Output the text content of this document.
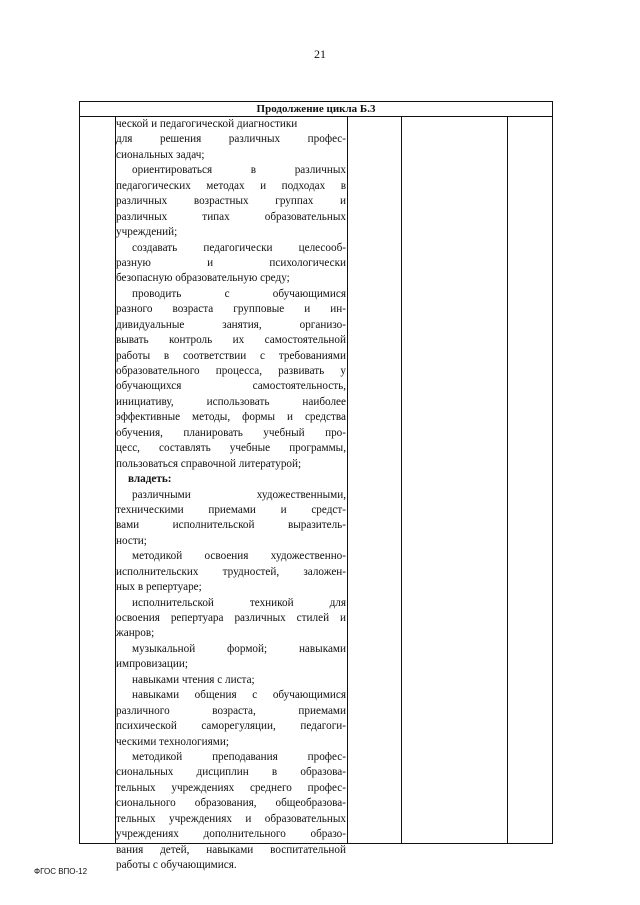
21
Продолжение цикла Б.3
ческой и педагогической диагностики
для решения различных профес-
сиональных задач;
ориентироваться в различных
педагогических методах и подходах в
различных возрастных группах и
различных типах образовательных
учреждений;
создавать педагогически целесооб-
разную и психологически
безопасную образовательную среду;
проводить с обучающимися
разного возраста групповые и ин-
дивидуальные занятия, организо-
вывать контроль их самостоятельной
работы в соответствии с требованиями
образовательного процесса, развивать у
обучающихся самостоятельность,
инициативу, использовать наиболее
эффективные методы, формы и средства
обучения, планировать учебный про-
цесс, составлять учебные программы,
пользоваться справочной литературой;
владеть:
различными художественными,
техническими приемами и средст-
вами исполнительской выразитель-
ности;
методикой освоения художественно-
исполнительских трудностей, заложен-
ных в репертуаре;
исполнительской техникой для
освоения репертуара различных стилей и
жанров;
музыкальной формой; навыками
импровизации;
навыками чтения с листа;
навыками общения с обучающимися
различного возраста, приемами
психической саморегуляции, педагоги-
ческими технологиями;
методикой преподавания профес-
сиональных дисциплин в образова-
тельных учреждениях среднего профес-
сионального образования, общеобразова-
тельных учреждениях и образовательных
учреждениях дополнительного образо-
вания детей, навыками воспитательной
работы с обучающимися.
ФГОС ВПО-12
